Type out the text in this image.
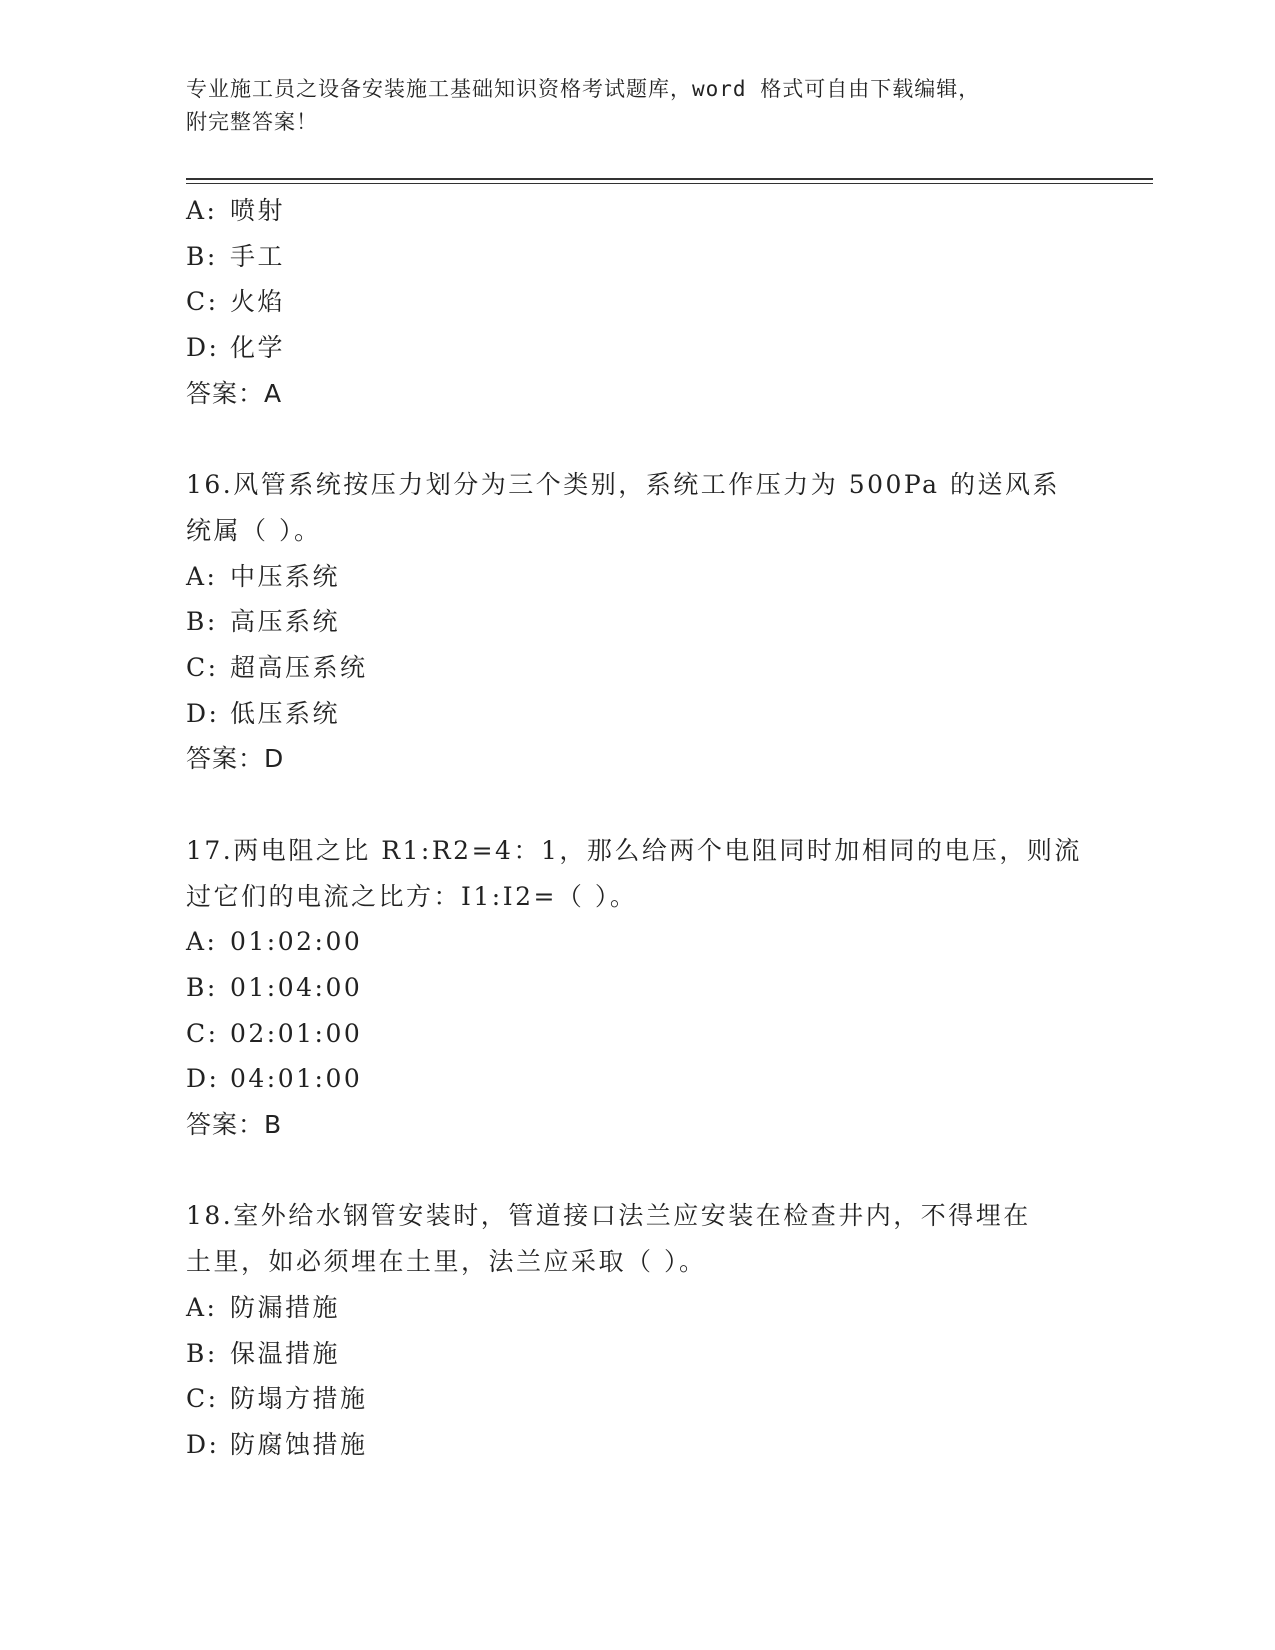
专业施工员之设备安装施工基础知识资格考试题库，word 格式可自由下载编辑，
附完整答案！

A: 喷射

B: 手工

C: 火焰

D: 化学

答案：A

16.风管系统按压力划分为三个类别，系统工作压力为 500Pa 的送风系

统属（ ）。

A: 中压系统

B: 高压系统

C: 超高压系统

D: 低压系统

答案：D

17.两电阻之比 R1:R2=4：1，那么给两个电阻同时加相同的电压，则流

过它们的电流之比方：I1:I2=（ ）。

A: 01:02:00

B: 01:04:00

C: 02:01:00

D: 04:01:00

答案：B

18.室外给水钢管安装时，管道接口法兰应安装在检查井内，不得埋在

土里，如必须埋在土里，法兰应采取（ ）。

A: 防漏措施

B: 保温措施

C: 防塌方措施

D: 防腐蚀措施
